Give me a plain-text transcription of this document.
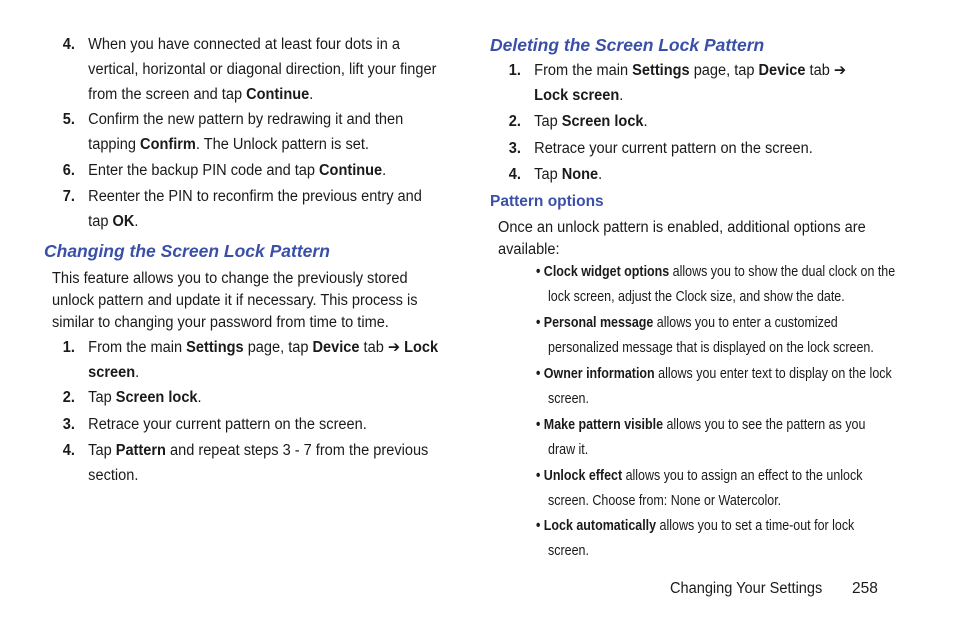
4. When you have connected at least four dots in a
vertical, horizontal or diagonal direction, lift your finger
from the screen and tap Continue.
5. Confirm the new pattern by redrawing it and then
tapping Confirm. The Unlock pattern is set.
6. Enter the backup PIN code and tap Continue.
7. Reenter the PIN to reconfirm the previous entry and
tap OK.
Changing the Screen Lock Pattern
This feature allows you to change the previously stored
unlock pattern and update it if necessary. This process is
similar to changing your password from time to time.
1. From the main Settings page, tap Device tab ➔ Lock
screen.
2. Tap Screen lock.
3. Retrace your current pattern on the screen.
4. Tap Pattern and repeat steps 3 - 7 from the previous
section.
Deleting the Screen Lock Pattern
1. From the main Settings page, tap Device tab ➔
Lock screen.
2. Tap Screen lock.
3. Retrace your current pattern on the screen.
4. Tap None.
Pattern options
Once an unlock pattern is enabled, additional options are
available:
• Clock widget options allows you to show the dual clock on the
lock screen, adjust the Clock size, and show the date.
• Personal message allows you to enter a customized
personalized message that is displayed on the lock screen.
• Owner information allows you enter text to display on the lock
screen.
• Make pattern visible allows you to see the pattern as you
draw it.
• Unlock effect allows you to assign an effect to the unlock
screen. Choose from: None or Watercolor.
• Lock automatically allows you to set a time-out for lock
screen.
Changing Your Settings 258
